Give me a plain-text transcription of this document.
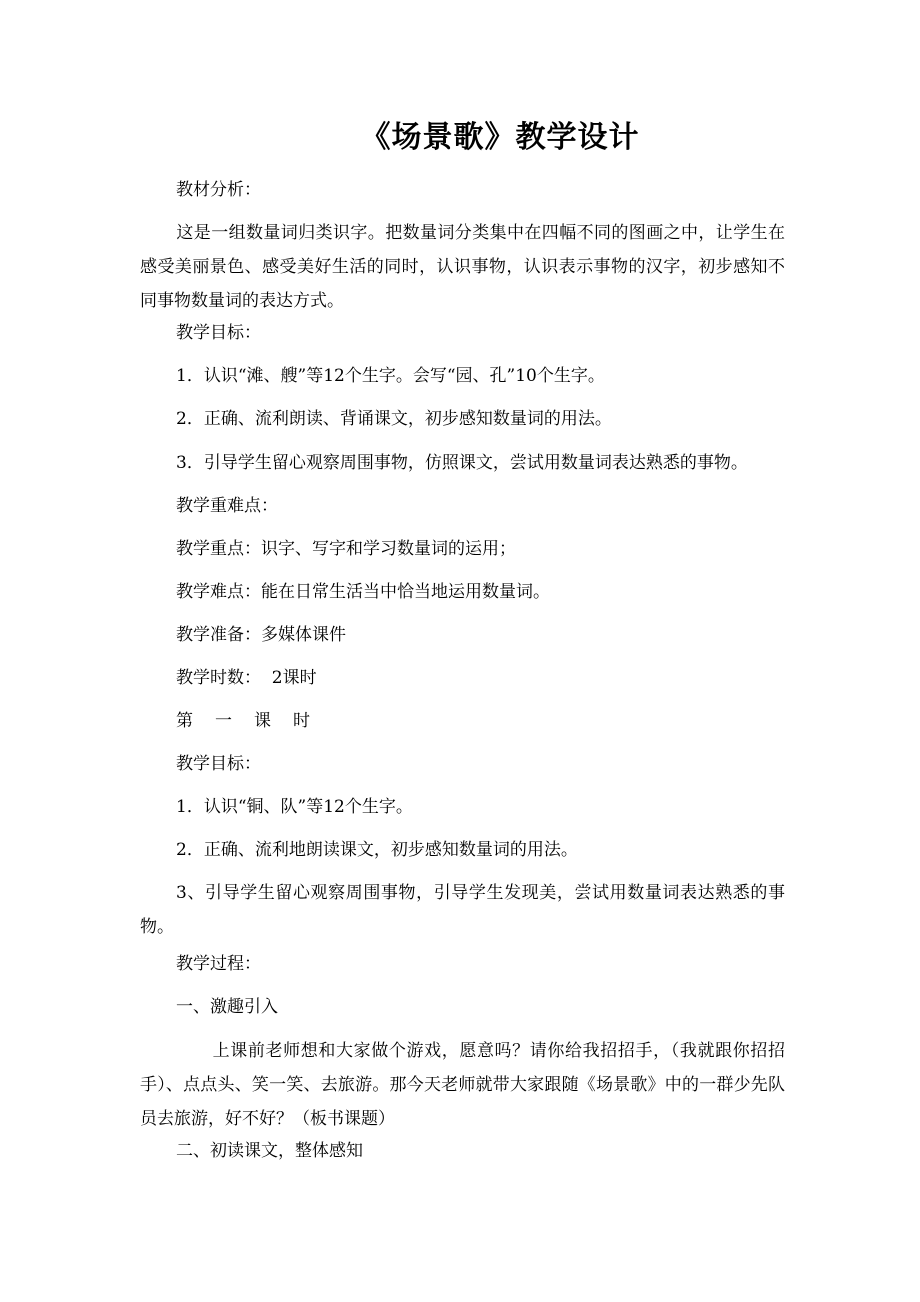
《场景歌》教学设计
教材分析：
这是一组数量词归类识字。把数量词分类集中在四幅不同的图画之中，让学生在感受美丽景色、感受美好生活的同时，认识事物，认识表示事物的汉字，初步感知不同事物数量词的表达方式。
教学目标：
1．认识“滩、艘”等12个生字。会写“园、孔”10个生字。
2．正确、流利朗读、背诵课文，初步感知数量词的用法。
3．引导学生留心观察周围事物，仿照课文，尝试用数量词表达熟悉的事物。
教学重难点：
教学重点：识字、写字和学习数量词的运用；
教学难点：能在日常生活当中恰当地运用数量词。
教学准备：多媒体课件
教学时数：  2课时
第一课时
教学目标：
1．认识“铜、队”等12个生字。
2．正确、流利地朗读课文，初步感知数量词的用法。
3、引导学生留心观察周围事物，引导学生发现美，尝试用数量词表达熟悉的事物。
教学过程：
一、激趣引入
上课前老师想和大家做个游戏，愿意吗？请你给我招招手，（我就跟你招招手）、点点头、笑一笑、去旅游。那今天老师就带大家跟随《场景歌》中的一群少先队员去旅游，好不好？（板书课题）
二、初读课文，整体感知
